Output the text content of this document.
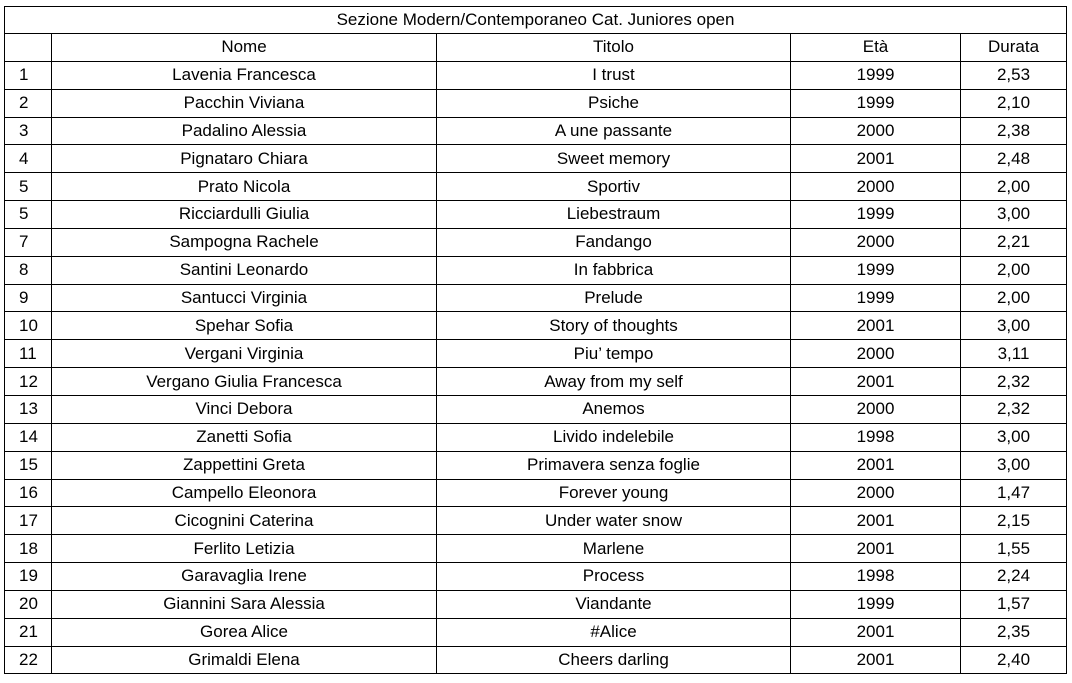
Sezione Modern/Contemporaneo Cat. Juniores open				
	Nome	Titolo	Età	Durata
1	Lavenia Francesca	I trust	1999	2,53
2	Pacchin Viviana	Psiche	1999	2,10
3	Padalino Alessia	A une passante	2000	2,38
4	Pignataro Chiara	Sweet memory	2001	2,48
5	Prato Nicola	Sportiv	2000	2,00
5	Ricciardulli Giulia	Liebestraum	1999	3,00
7	Sampogna Rachele	Fandango	2000	2,21
8	Santini Leonardo	In fabbrica	1999	2,00
9	Santucci Virginia	Prelude	1999	2,00
10	Spehar Sofia	Story of thoughts	2001	3,00
11	Vergani Virginia	Piu’ tempo	2000	3,11
12	Vergano Giulia Francesca	Away from my self	2001	2,32
13	Vinci Debora	Anemos	2000	2,32
14	Zanetti Sofia	Livido indelebile	1998	3,00
15	Zappettini Greta	Primavera senza foglie	2001	3,00
16	Campello Eleonora	Forever young	2000	1,47
17	Cicognini Caterina	Under water snow	2001	2,15
18	Ferlito Letizia	Marlene	2001	1,55
19	Garavaglia Irene	Process	1998	2,24
20	Giannini Sara Alessia	Viandante	1999	1,57
21	Gorea Alice	#Alice	2001	2,35
22	Grimaldi Elena	Cheers darling	2001	2,40
